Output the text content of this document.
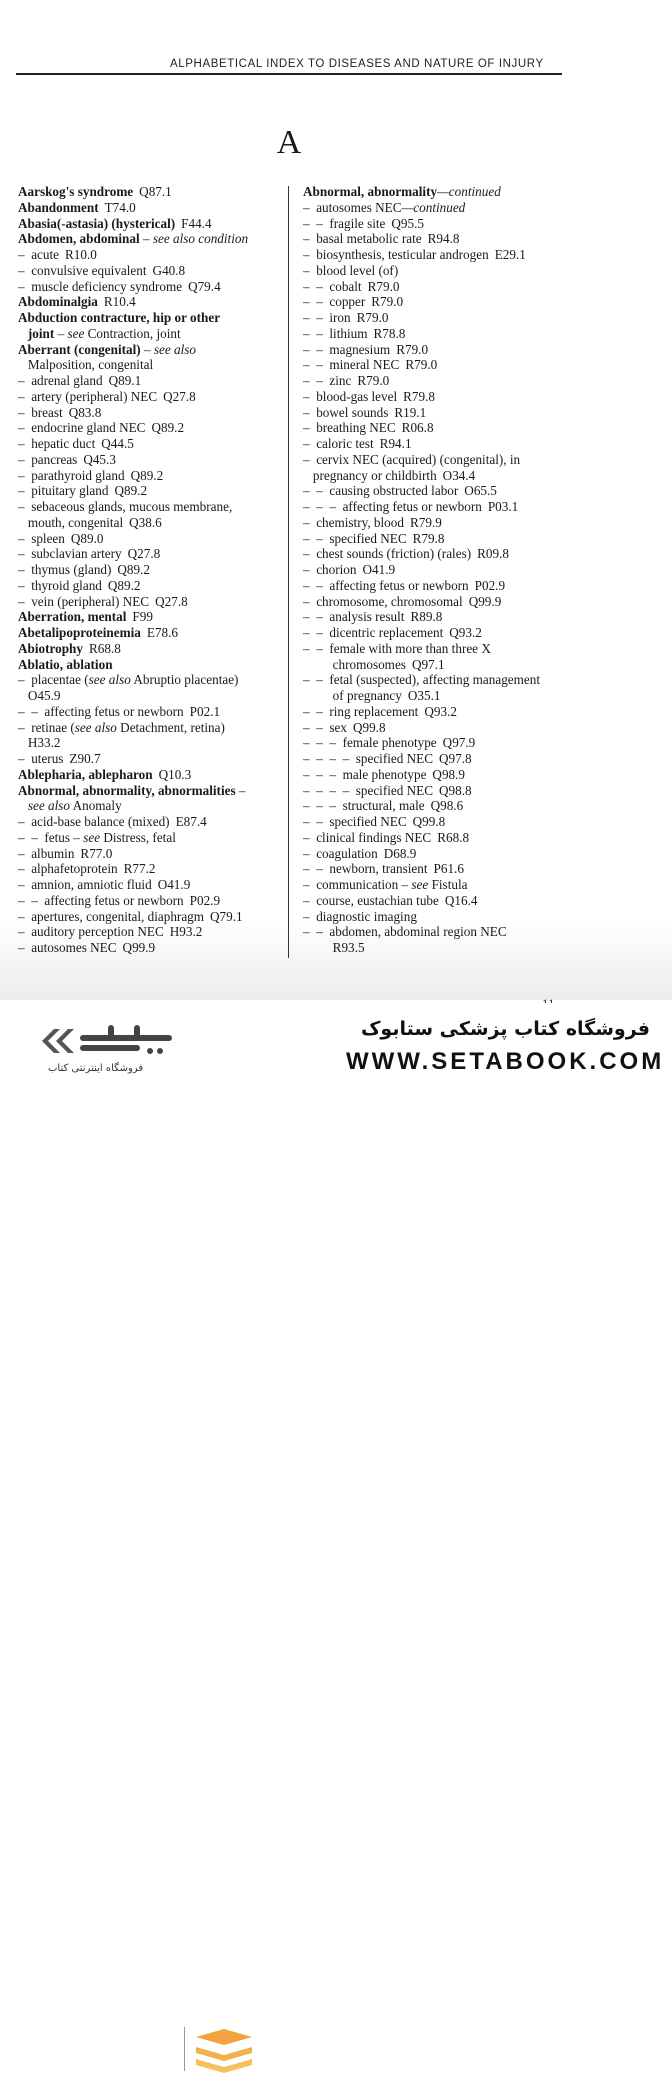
ALPHABETICAL INDEX TO DISEASES AND NATURE OF INJURY
A

Aarskog's syndrome Q87.1

Abandonment T74.0

Abasia(-astasia) (hysterical) F44.4

Abdomen, abdominal – see also condition

–  acute R10.0

–  convulsive equivalent G40.8

–  muscle deficiency syndrome Q79.4

Abdominalgia R10.4

Abduction contracture, hip or other

joint – see Contraction, joint

Aberrant (congenital) – see also

Malposition, congenital

–  adrenal gland Q89.1

–  artery (peripheral) NEC Q27.8

–  breast Q83.8

–  endocrine gland NEC Q89.2

–  hepatic duct Q44.5

–  pancreas Q45.3

–  parathyroid gland Q89.2

–  pituitary gland Q89.2

–  sebaceous glands, mucous membrane,

mouth, congenital Q38.6

–  spleen Q89.0

–  subclavian artery Q27.8

–  thymus (gland) Q89.2

–  thyroid gland Q89.2

–  vein (peripheral) NEC Q27.8

Aberration, mental F99

Abetalipoproteinemia E78.6

Abiotrophy R68.8

Ablatio, ablation

–  placentae (see also Abruptio placentae)

O45.9

–  –  affecting fetus or newborn P02.1

–  retinae (see also Detachment, retina)

H33.2

–  uterus Z90.7

Ablepharia, ablepharon Q10.3

Abnormal, abnormality, abnormalities –

see also Anomaly

–  acid-base balance (mixed) E87.4

–  –  fetus – see Distress, fetal

–  albumin R77.0

–  alphafetoprotein R77.2

–  amnion, amniotic fluid O41.9

–  –  affecting fetus or newborn P02.9

–  apertures, congenital, diaphragm Q79.1

–  auditory perception NEC H93.2

–  autosomes NEC Q99.9

Abnormal, abnormality—continued

–  autosomes NEC—continued

–  –  fragile site Q95.5

–  basal metabolic rate R94.8

–  biosynthesis, testicular androgen E29.1

–  blood level (of)

–  –  cobalt R79.0

–  –  copper R79.0

–  –  iron R79.0

–  –  lithium R78.8

–  –  magnesium R79.0

–  –  mineral NEC R79.0

–  –  zinc R79.0

–  blood-gas level R79.8

–  bowel sounds R19.1

–  breathing NEC R06.8

–  caloric test R94.1

–  cervix NEC (acquired) (congenital), in

pregnancy or childbirth O34.4

–  –  causing obstructed labor O65.5

–  –  –  affecting fetus or newborn P03.1

–  chemistry, blood R79.9

–  –  specified NEC R79.8

–  chest sounds (friction) (rales) R09.8

–  chorion O41.9

–  –  affecting fetus or newborn P02.9

–  chromosome, chromosomal Q99.9

–  –  analysis result R89.8

–  –  dicentric replacement Q93.2

–  –  female with more than three X

chromosomes Q97.1

–  –  fetal (suspected), affecting management

of pregnancy O35.1

–  –  ring replacement Q93.2

–  –  sex Q99.8

–  –  –  female phenotype Q97.9

–  –  –  –  specified NEC Q97.8

–  –  –  male phenotype Q98.9

–  –  –  –  specified NEC Q98.8

–  –  –  structural, male Q98.6

–  –  specified NEC Q99.8

–  clinical findings NEC R68.8

–  coagulation D68.9

–  –  newborn, transient P61.6

–  communication – see Fistula

–  course, eustachian tube Q16.4

–  diagnostic imaging

–  –  abdomen, abdominal region NEC

R93.5

فروشگاه اینترنتی کتاب
فروشگاه کتاب پزشکی ستابوک
WWW.SETABOOK.COM
